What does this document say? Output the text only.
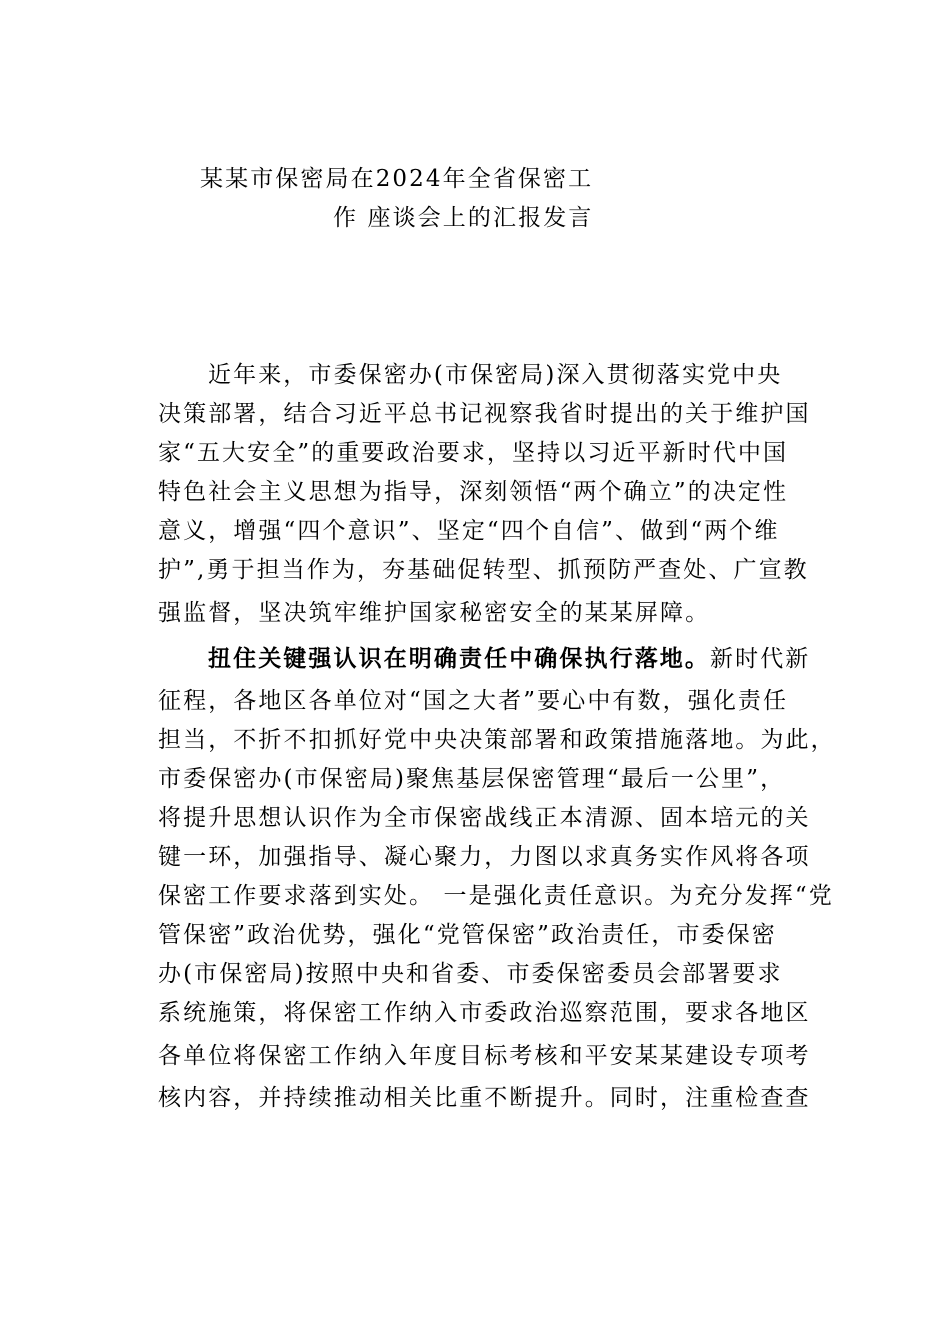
某某市保密局在2024年全省保密工
作 座谈会上的汇报发言
近年来，市委保密办(市保密局)深入贯彻落实党中央
决策部署，结合习近平总书记视察我省时提出的关于维护国
家“五大安全”的重要政治要求，坚持以习近平新时代中国
特色社会主义思想为指导，深刻领悟“两个确立”的决定性
意义，增强“四个意识”、坚定“四个自信”、做到“两个维
护”,勇于担当作为，夯基础促转型、抓预防严查处、广宣教
强监督，坚决筑牢维护国家秘密安全的某某屏障。
扭住关键强认识在明确责任中确保执行落地。新时代新
征程，各地区各单位对“国之大者”要心中有数，强化责任
担当，不折不扣抓好党中央决策部署和政策措施落地。为此，
市委保密办(市保密局)聚焦基层保密管理“最后一公里”，
将提升思想认识作为全市保密战线正本清源、固本培元的关
键一环，加强指导、凝心聚力，力图以求真务实作风将各项
保密工作要求落到实处。 一是强化责任意识。为充分发挥“党
管保密”政治优势，强化“党管保密”政治责任，市委保密
办(市保密局)按照中央和省委、市委保密委员会部署要求
系统施策，将保密工作纳入市委政治巡察范围，要求各地区
各单位将保密工作纳入年度目标考核和平安某某建设专项考
核内容，并持续推动相关比重不断提升。同时，注重检查查
